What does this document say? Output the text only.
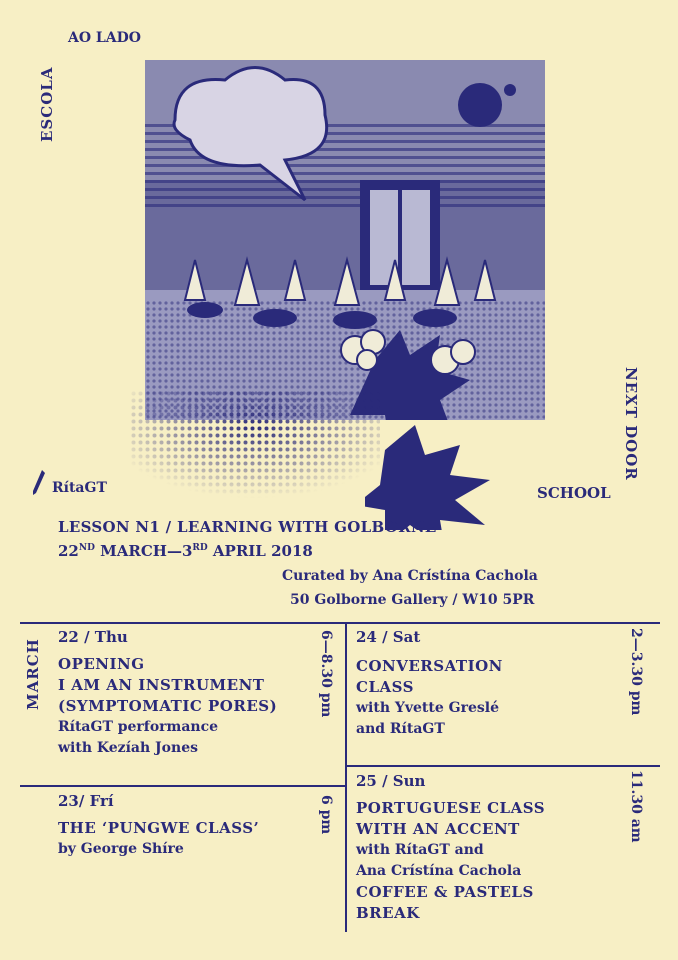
ESCOLA
AO LADO
NEXT DOOR
RítaGT	SCHOOL
LESSON N1 / LEARNING WITH GOLBORNE
22ND MARCH—3RD APRIL 2018
Curated by Ana Crístína Cachola
50 Golborne Gallery / W10 5PR
MARCH
22 / Thu	6—8.30 pm
OPENING
I AM AN INSTRUMENT
(SYMPTOMATIC PORES)
RítaGT performance
with Kezíah Jones
23/ Frí	6 pm
THE ‘PUNGWE CLASS’
by George Shíre
24 / Sat	2—3.30 pm
CONVERSATION
CLASS
with Yvette Greslé
and RítaGT
25 / Sun	11.30 am
PORTUGUESE CLASS
WITH AN ACCENT
with RítaGT and
Ana Crístína Cachola
COFFEE & PASTELS
BREAK
